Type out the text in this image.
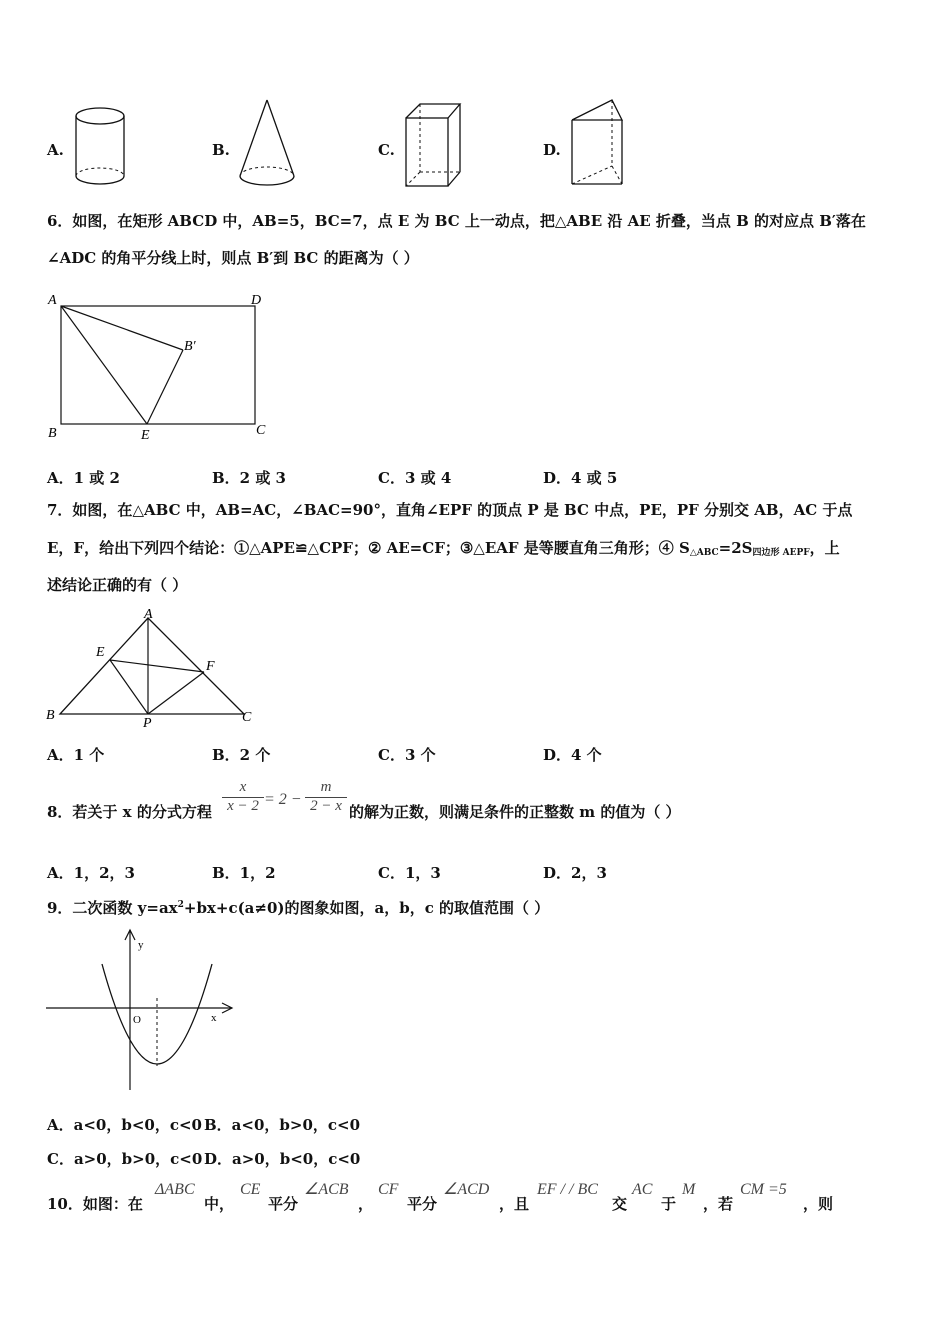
A.	B.	C.	D.
6．如图，在矩形 ABCD 中，AB=5，BC=7，点 E 为 BC 上一动点，把△ABE 沿 AE 折叠，当点 B 的对应点 B′落在
∠ADC 的角平分线上时，则点 B′到 BC 的距离为（ ）
A	D
B′
B	E	C
A．1 或 2	B．2 或 3	C．3 或 4	D．4 或 5
7．如图，在△ABC 中，AB=AC，∠BAC=90°，直角∠EPF 的顶点 P 是 BC 中点，PE，PF 分别交 AB，AC 于点
E，F，给出下列四个结论：①△APE≌△CPF；② AE=CF；③△EAF 是等腰直角三角形；④ $S_{\triangle ABC}=2S_{四边形 AEPF}$，上
述结论正确的有（ ）
A
E
F
B
P	C
A．1 个	B．2 个	C．3 个	D．4 个
8．若关于 x 的分式方程 $\frac{x}{x - 2} = 2 - \frac{m}{2 - x}$ 的解为正数，则满足条件的正整数 m 的值为（ ）
A．1，2，3	B．1，2	C．1，3	D．2，3
9．二次函数 $y=ax^2+bx+c(a\ne 0)$的图象如图，a，b，c 的取值范围（ ）
y
x
O
A．a<0，b<0，c<0 B．a<0，b>0，c<0
C．a>0，b>0，c<0 D．a>0，b<0，c<0
10．如图：在
ΔABC
中，
CE
平分
∠ACB
，
CF
平分
∠ACD
，且
EF / / BC
交
AC
于
M
，若
CM =5
，则
